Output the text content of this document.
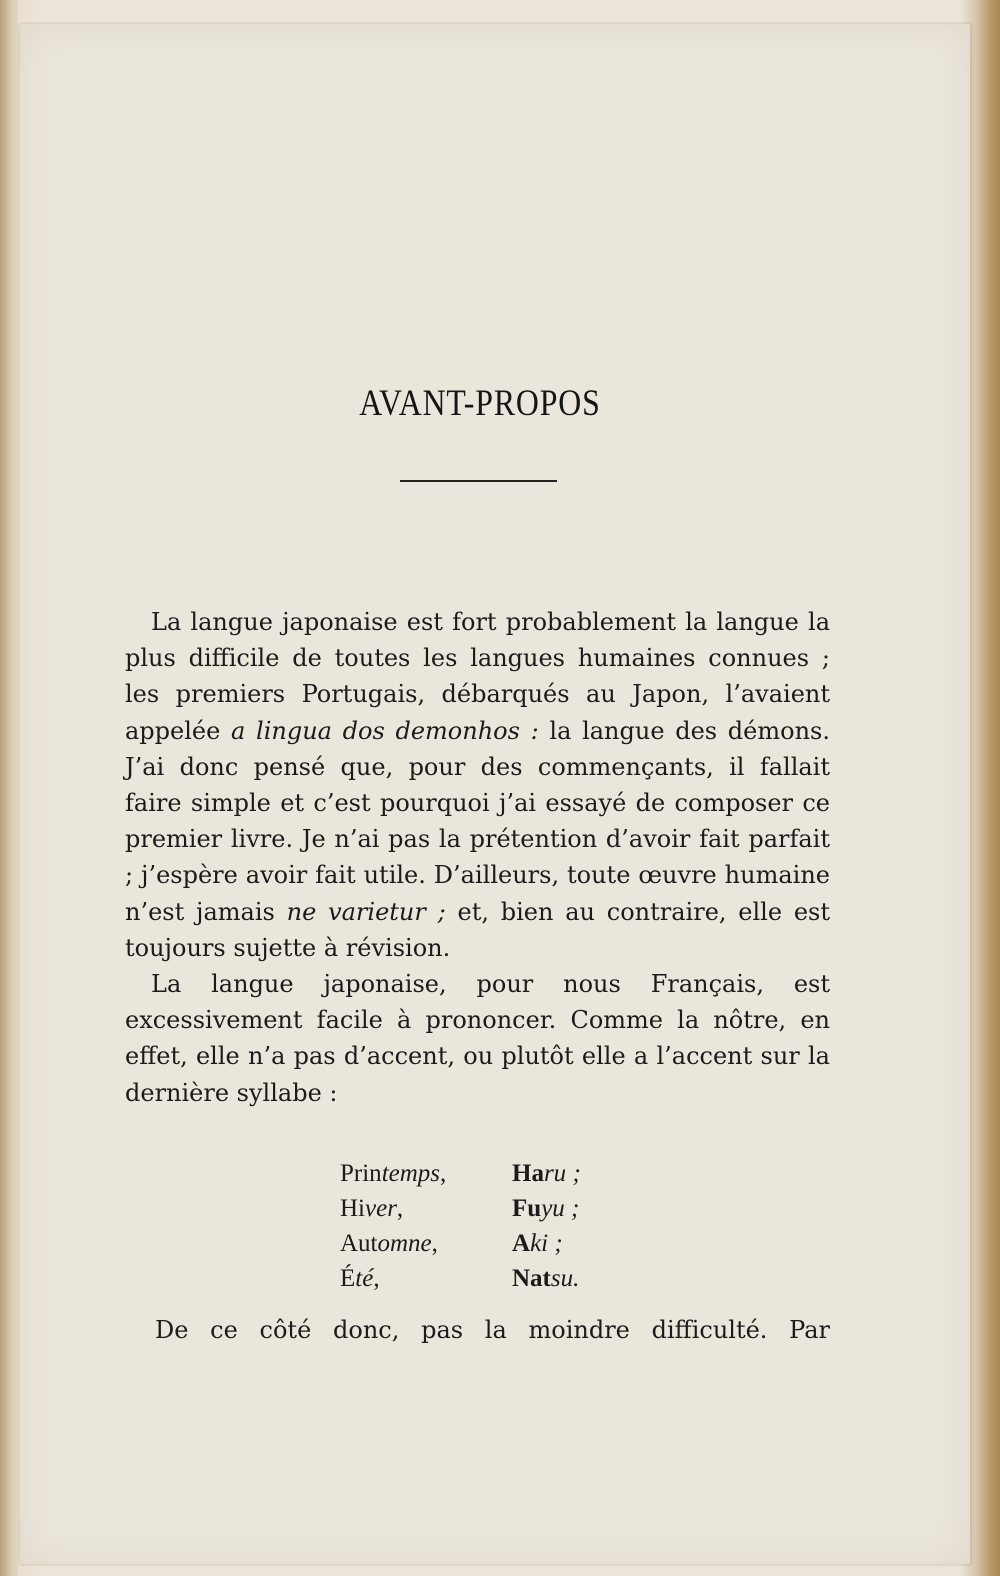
AVANT-PROPOS

La langue japonaise est fort probablement la langue la plus difficile de toutes les langues humaines connues ; les premiers Portugais, débarqués au Japon, l’avaient appelée a lingua dos demonhos : la langue des démons. J’ai donc pensé que, pour des commençants, il fallait faire simple et c’est pourquoi j’ai essayé de composer ce premier livre. Je n’ai pas la prétention d’avoir fait parfait ; j’espère avoir fait utile. D’ailleurs, toute œuvre humaine n’est jamais ne varietur ; et, bien au contraire, elle est toujours sujette à révision.

La langue japonaise, pour nous Français, est excessivement facile à prononcer. Comme la nôtre, en effet, elle n’a pas d’accent, ou plutôt elle a l’accent sur la dernière syllabe :

Printemps,	Haru ;
Hiver,	Fuyu ;
Automne,	Aki ;
Été,	Natsu.

De ce côté donc, pas la moindre difficulté. Par
